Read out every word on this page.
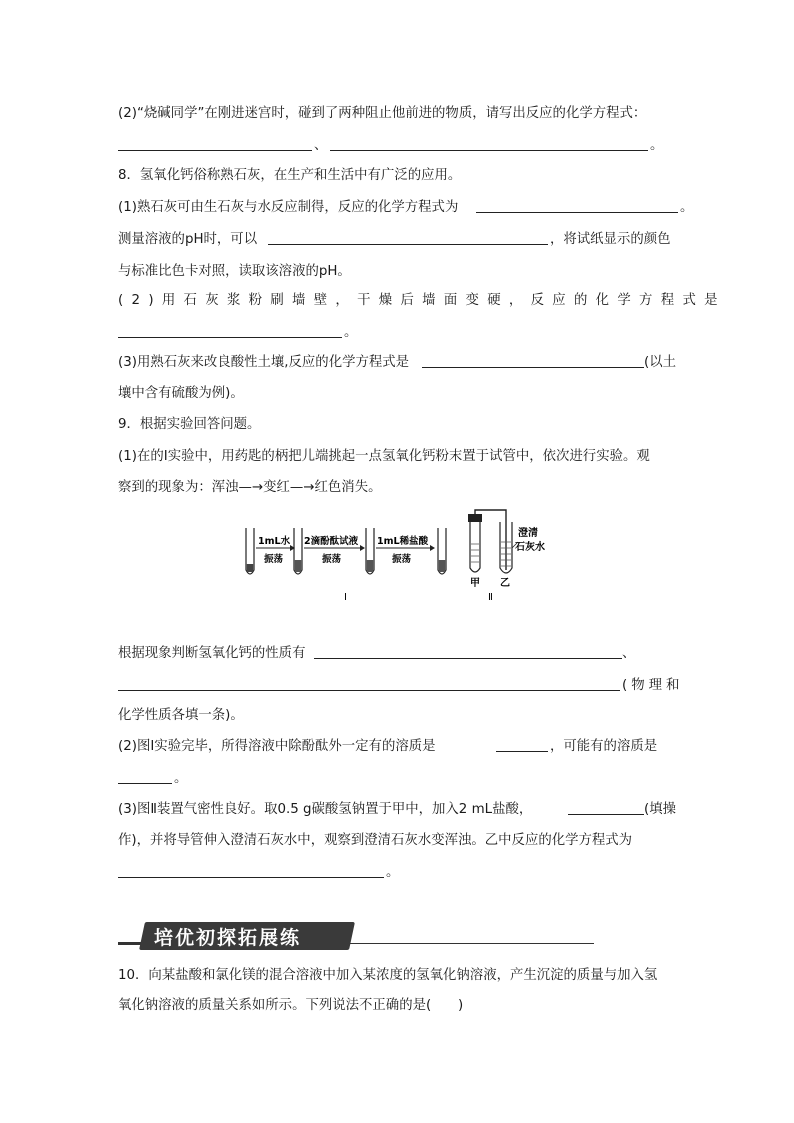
(2)“烧碱同学”在刚进迷宫时，碰到了两种阻止他前进的物质，请写出反应的化学方程式：
、	。
8．氢氧化钙俗称熟石灰，在生产和生活中有广泛的应用。
(1)熟石灰可由生石灰与水反应制得，反应的化学方程式为	。
测量溶液的pH时，可以	，将试纸显示的颜色
与标准比色卡对照，读取该溶液的pH。
(2)用石灰浆粉刷墙壁，干燥后墙面变硬，反应的化学方程式是
。
(3)用熟石灰来改良酸性土壤,反应的化学方程式是	(以土
壤中含有硫酸为例)。
9．根据实验回答问题。
(1)在的Ⅰ实验中，用药匙的柄把儿端挑起一点氢氧化钙粉末置于试管中，依次进行实验。观
察到的现象为：浑浊—→变红—→红色消失。
1mL水
振荡
2滴酚酞试液
振荡
1mL稀盐酸
振荡
Ⅰ
澄清
石灰水
甲 乙
Ⅱ
根据现象判断氢氧化钙的性质有	、
(物理和
化学性质各填一条)。
(2)图Ⅰ实验完毕，所得溶液中除酚酞外一定有的溶质是	，可能有的溶质是
。
(3)图Ⅱ装置气密性良好。取0.5 g碳酸氢钠置于甲中，加入2 mL盐酸，	(填操
作)，并将导管伸入澄清石灰水中，观察到澄清石灰水变浑浊。乙中反应的化学方程式为
。
培优初探拓展练
10．向某盐酸和氯化镁的混合溶液中加入某浓度的氢氧化钠溶液，产生沉淀的质量与加入氢
氧化钠溶液的质量关系如所示。下列说法不正确的是(　　)
